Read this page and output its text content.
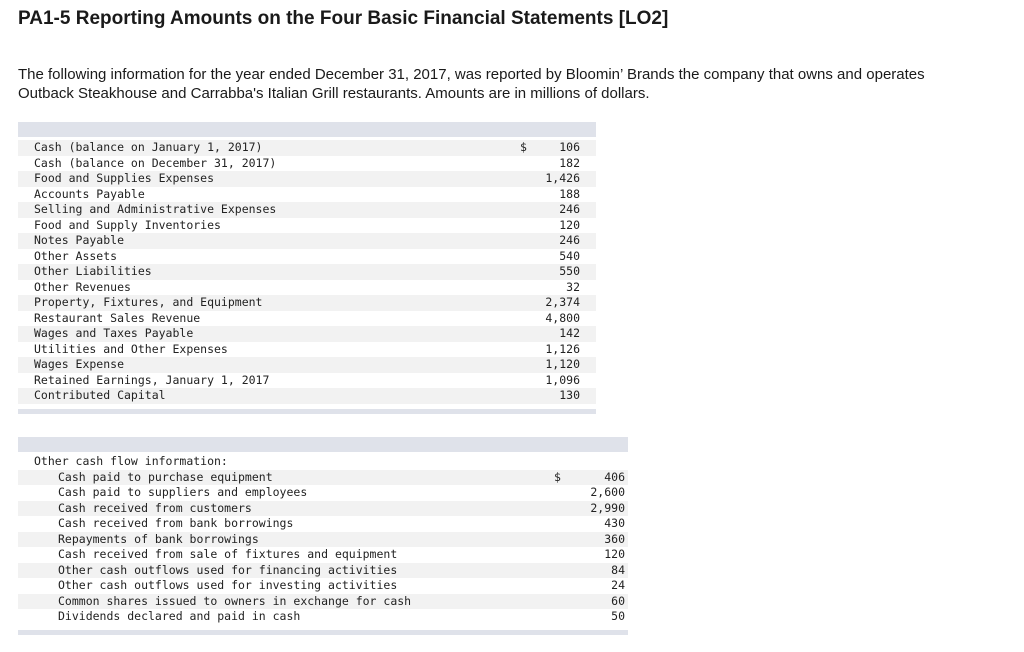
PA1-5 Reporting Amounts on the Four Basic Financial Statements [LO2]
The following information for the year ended December 31, 2017, was reported by Bloomin’ Brands the company that owns and operates Outback Steakhouse and Carrabba's Italian Grill restaurants. Amounts are in millions of dollars.
Cash (balance on January 1, 2017)	$	106
Cash (balance on December 31, 2017)	182
Food and Supplies Expenses	1,426
Accounts Payable	188
Selling and Administrative Expenses	246
Food and Supply Inventories	120
Notes Payable	246
Other Assets	540
Other Liabilities	550
Other Revenues	32
Property, Fixtures, and Equipment	2,374
Restaurant Sales Revenue	4,800
Wages and Taxes Payable	142
Utilities and Other Expenses	1,126
Wages Expense	1,120
Retained Earnings, January 1, 2017	1,096
Contributed Capital	130
Other cash flow information:
Cash paid to purchase equipment	$	406
Cash paid to suppliers and employees	2,600
Cash received from customers	2,990
Cash received from bank borrowings	430
Repayments of bank borrowings	360
Cash received from sale of fixtures and equipment	120
Other cash outflows used for financing activities	84
Other cash outflows used for investing activities	24
Common shares issued to owners in exchange for cash	60
Dividends declared and paid in cash	50
